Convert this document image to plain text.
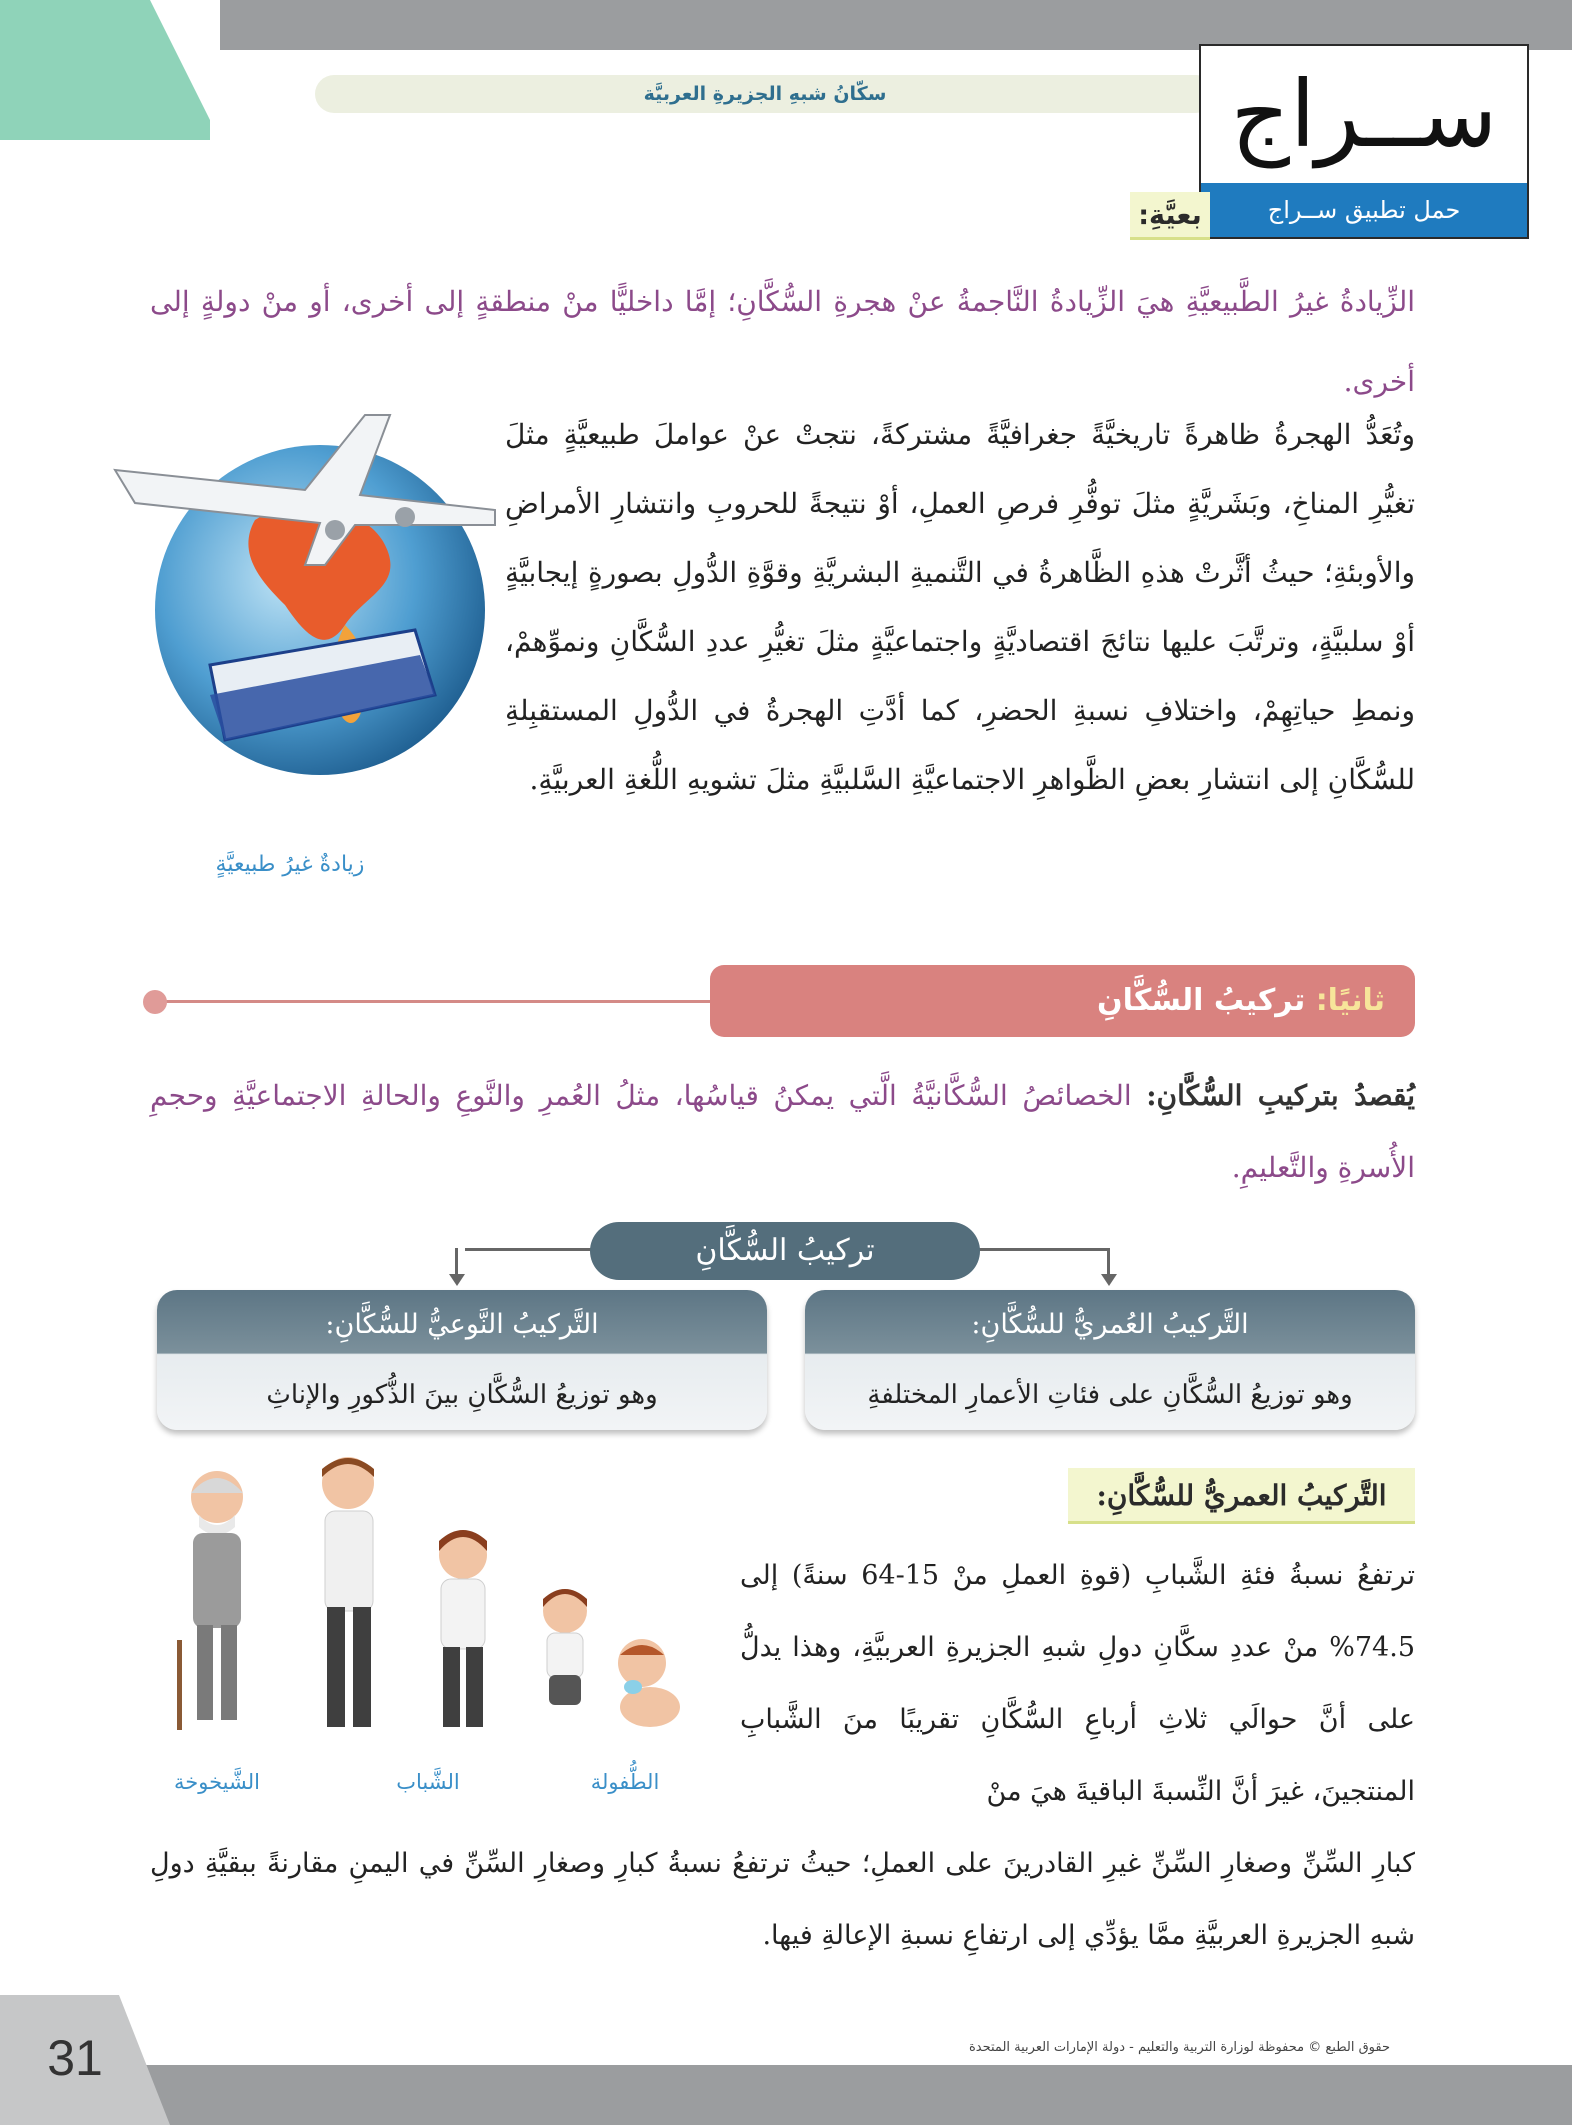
سكّانُ شبهِ الجزيرةِ العربيَّة	ســراج
حمل تطبيق ســراج
بعيَّةِ:
الزِّيادةُ غيرُ الطَّبيعيَّةِ هيَ الزِّيادةُ النَّاجمةُ عنْ هجرةِ السُّكَّانِ؛ إمَّا داخليًّا منْ منطقةٍ إلى أخرى، أو منْ دولةٍ إلى أخرى.
وتُعَدُّ الهجرةُ ظاهرةً تاريخيَّةً جغرافيَّةً مشتركةً، نتجتْ عنْ عواملَ طبيعيَّةٍ مثلَ تغيُّرِ المناخِ، وبَشَريَّةٍ مثلَ توفُّرِ فرصِ العملِ، أوْ نتيجةً للحروبِ وانتشارِ الأمراضِ والأوبئةِ؛ حيثُ أثَّرتْ هذهِ الظَّاهرةُ في التَّنميةِ البشريَّةِ وقوَّةِ الدُّولِ بصورةٍ إيجابيَّةٍ أوْ سلبيَّةٍ، وترتَّبَ عليها نتائجَ اقتصاديَّةٍ واجتماعيَّةٍ مثلَ تغيُّرِ عددِ السُّكَّانِ ونموِّهمْ، ونمطِ حياتِهِمْ، واختلافِ نسبةِ الحضرِ، كما أدَّتِ الهجرةُ في الدُّولِ المستقبِلةِ للسُّكَّانِ إلى انتشارِ بعضِ الظَّواهرِ الاجتماعيَّةِ السَّلبيَّةِ مثلَ تشويهِ اللُّغةِ العربيَّةِ.
زيادةٌ غيرُ طبيعيَّةٍ
ثانيًا: تركيبُ السُّكَّانِ
يُقصدُ بتركيبِ السُّكَّانِ: الخصائصُ السُّكَّانيَّةُ الَّتي يمكنُ قياسُها، مثلُ العُمرِ والنَّوعِ والحالةِ الاجتماعيَّةِ وحجمِ الأُسرةِ والتَّعليمِ.
تركيبُ السُّكَّانِ
التَّركيبُ العُمريُّ للسُّكَّانِ:
وهو توزيعُ السُّكَّانِ على فئاتِ الأعمارِ المختلفةِ
التَّركيبُ النَّوعيُّ للسُّكَّانِ:
وهو توزيعُ السُّكَّانِ بينَ الذُّكورِ والإناثِ
التَّركيبُ العمريُّ للسُّكَّانِ:
ترتفعُ نسبةُ فئةِ الشَّبابِ (قوةِ العملِ منْ 15-64 سنةً) إلى 74.5% منْ عددِ سكَّانِ دولِ شبهِ الجزيرةِ العربيَّةِ، وهذا يدلُّ على أنَّ حوالَي ثلاثِ أرباعِ السُّكَّانِ تقريبًا منَ الشَّبابِ المنتجينَ، غيرَ أنَّ النِّسبةَ الباقيةَ هيَ منْ
كبارِ السِّنِّ وصغارِ السِّنِّ غيرِ القادرينَ على العملِ؛ حيثُ ترتفعُ نسبةُ كبارِ وصغارِ السِّنِّ في اليمنِ مقارنةً ببقيَّةِ دولِ شبهِ الجزيرةِ العربيَّةِ ممَّا يؤدِّي إلى ارتفاعِ نسبةِ الإعالةِ فيها.
الشَّيخوخة	الشَّباب	الطُّفولة
31	حقوق الطبع © محفوظة لوزارة التربية والتعليم - دولة الإمارات العربية المتحدة
